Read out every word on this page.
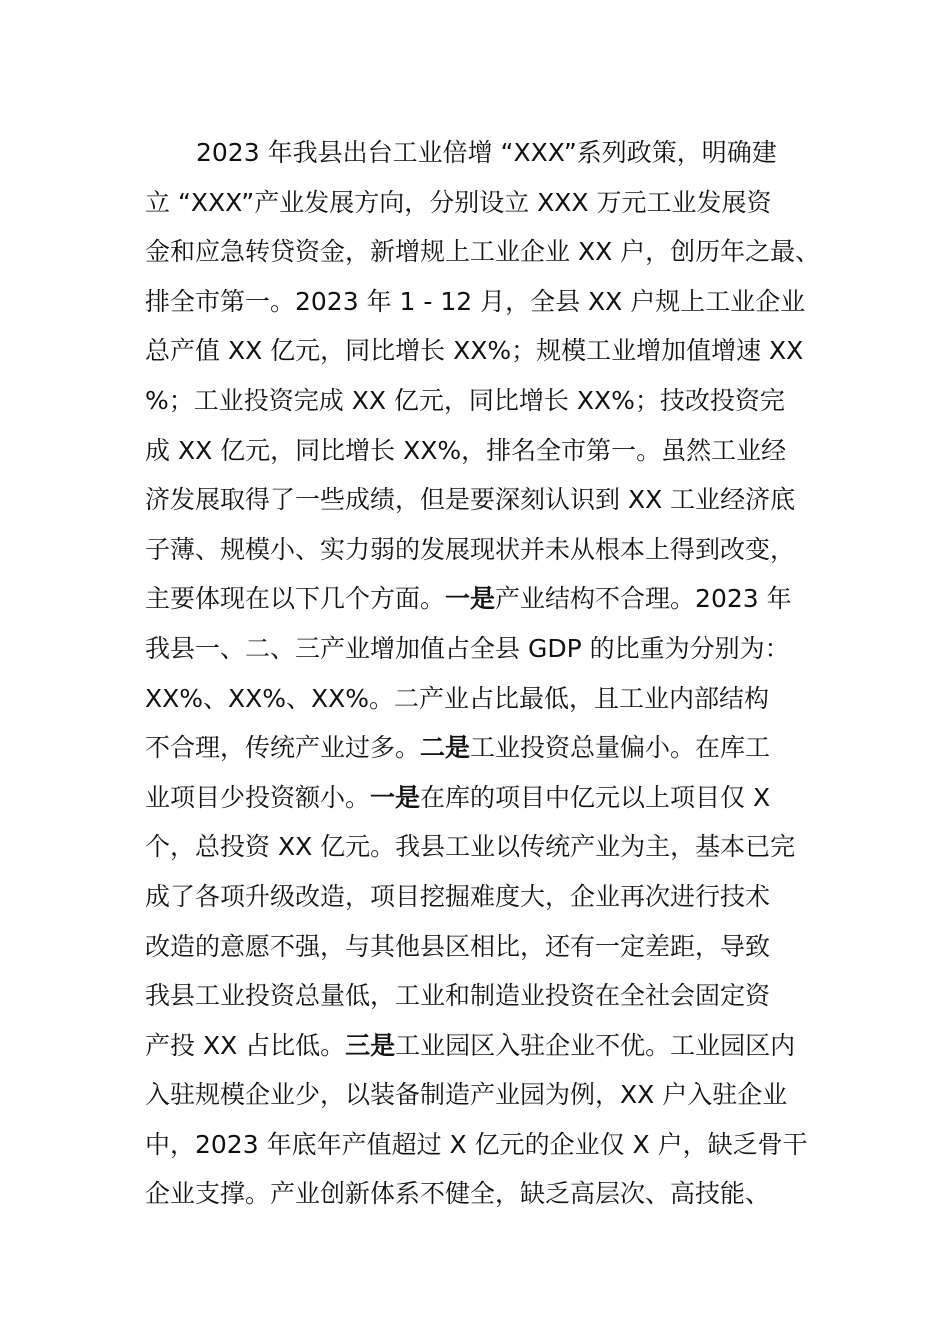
2023 年我县出台工业倍增 “XXX”系列政策，明确建
立 “XXX”产业发展方向，分别设立 XXX 万元工业发展资
金和应急转贷资金，新增规上工业企业 XX 户，创历年之最、
排全市第一。2023 年 1 - 12 月，全县 XX 户规上工业企业
总产值 XX 亿元，同比增长 XX%；规模工业增加值增速 XX
%；工业投资完成 XX 亿元，同比增长 XX%；技改投资完
成 XX 亿元，同比增长 XX%，排名全市第一。虽然工业经
济发展取得了一些成绩，但是要深刻认识到 XX 工业经济底
子薄、规模小、实力弱的发展现状并未从根本上得到改变，
主要体现在以下几个方面。一是产业结构不合理。2023 年
我县一、二、三产业增加值占全县 GDP 的比重为分别为：
XX%、XX%、XX%。二产业占比最低，且工业内部结构
不合理，传统产业过多。二是工业投资总量偏小。在库工
业项目少投资额小。一是在库的项目中亿元以上项目仅 X
个，总投资 XX 亿元。我县工业以传统产业为主，基本已完
成了各项升级改造，项目挖掘难度大，企业再次进行技术
改造的意愿不强，与其他县区相比，还有一定差距，导致
我县工业投资总量低，工业和制造业投资在全社会固定资
产投 XX 占比低。三是工业园区入驻企业不优。工业园区内
入驻规模企业少，以装备制造产业园为例，XX 户入驻企业
中，2023 年底年产值超过 X 亿元的企业仅 X 户，缺乏骨干
企业支撑。产业创新体系不健全，缺乏高层次、高技能、
